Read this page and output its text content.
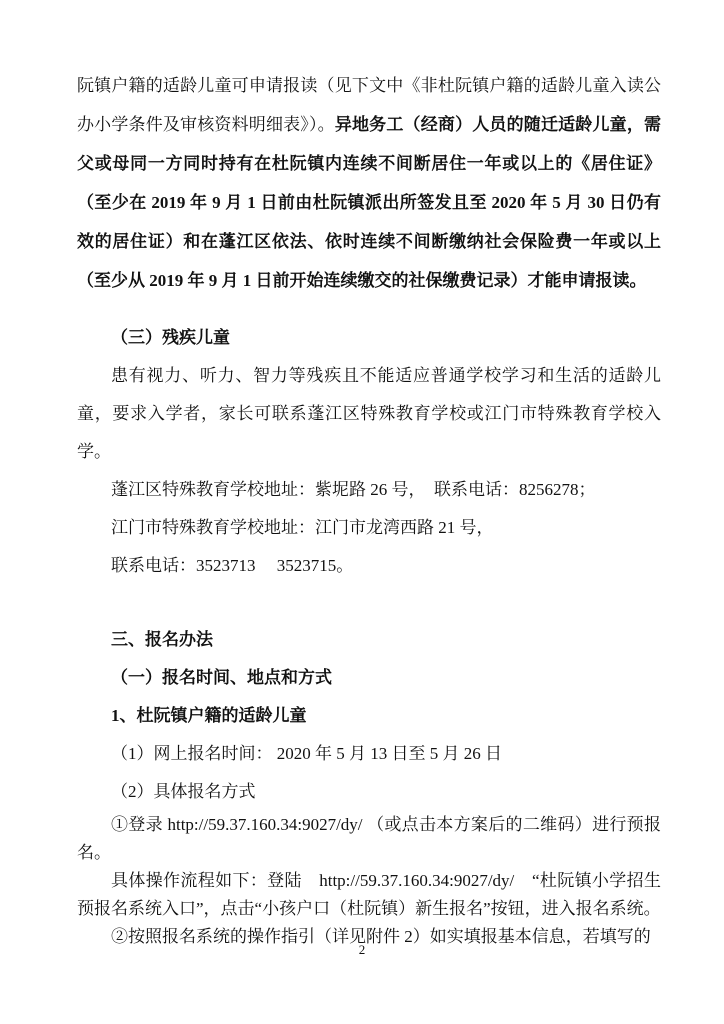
阮镇户籍的适龄儿童可申请报读（见下文中《非杜阮镇户籍的适龄儿童入读公办小学条件及审核资料明细表》）。异地务工（经商）人员的随迁适龄儿童，需父或母同一方同时持有在杜阮镇内连续不间断居住一年或以上的《居住证》（至少在 2019 年 9 月 1 日前由杜阮镇派出所签发且至 2020 年 5 月 30 日仍有效的居住证）和在蓬江区依法、依时连续不间断缴纳社会保险费一年或以上（至少从 2019 年 9 月 1 日前开始连续缴交的社保缴费记录）才能申请报读。

（三）残疾儿童

患有视力、听力、智力等残疾且不能适应普通学校学习和生活的适龄儿童，要求入学者，家长可联系蓬江区特殊教育学校或江门市特殊教育学校入学。

蓬江区特殊教育学校地址：紫坭路 26 号，　联系电话：8256278；

江门市特殊教育学校地址：江门市龙湾西路 21 号，

联系电话：3523713　 3523715。

三、报名办法

（一）报名时间、地点和方式

1、杜阮镇户籍的适龄儿童

（1）网上报名时间： 2020 年 5 月 13 日至 5 月 26 日

（2）具体报名方式

①登录 http://59.37.160.34:9027/dy/ （或点击本方案后的二维码）进行预报名。

具体操作流程如下：登陆　http://59.37.160.34:9027/dy/　“杜阮镇小学招生预报名系统入口”，点击“小孩户口（杜阮镇）新生报名”按钮，进入报名系统。

②按照报名系统的操作指引（详见附件 2）如实填报基本信息，若填写的

2
